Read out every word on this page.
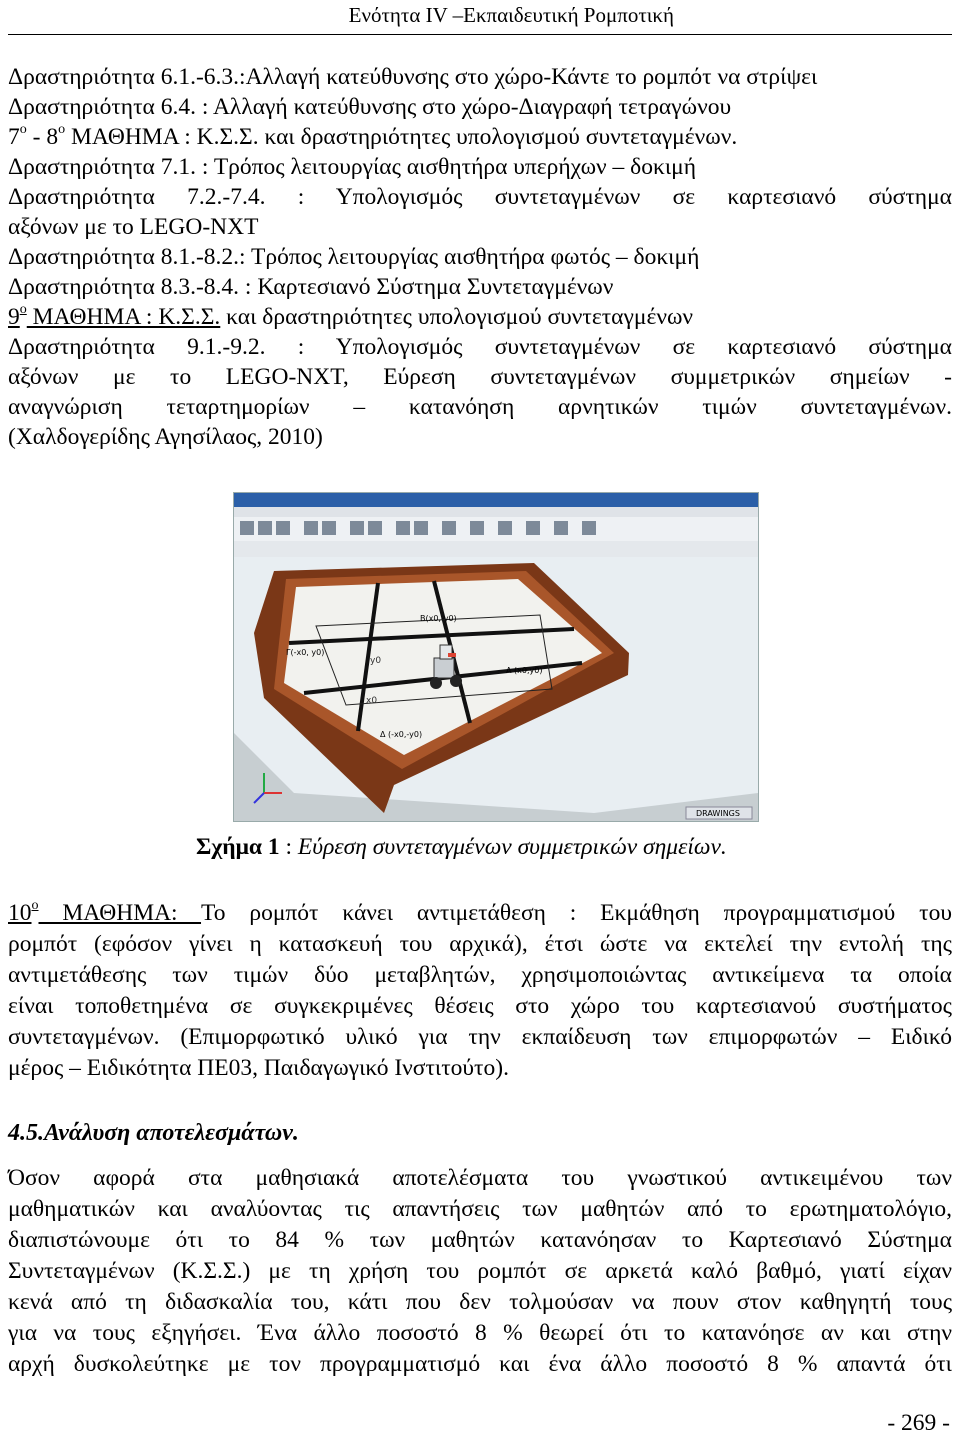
Ενότητα IV –Εκπαιδευτική Ρομποτική
Δραστηριότητα 6.1.-6.3.:Αλλαγή κατεύθυνσης στο χώρο-Κάντε το ρομπότ να στρίψει
Δραστηριότητα 6.4. : Αλλαγή κατεύθυνσης στο χώρο-Διαγραφή τετραγώνου
$7^o - 8^o$ ΜΑΘΗΜΑ : Κ.Σ.Σ. και δραστηριότητες υπολογισμού συντεταγμένων.
Δραστηριότητα 7.1. : Τρόπος λειτουργίας αισθητήρα υπερήχων – δοκιμή
Δραστηριότητα 7.2.-7.4. : Υπολογισμός συντεταγμένων σε καρτεσιανό σύστημα
αξόνων με το LEGO-NXT
Δραστηριότητα 8.1.-8.2.: Τρόπος λειτουργίας αισθητήρα φωτός – δοκιμή
Δραστηριότητα 8.3.-8.4. : Καρτεσιανό Σύστημα Συντεταγμένων
$9^o$ ΜΑΘΗΜΑ : Κ.Σ.Σ. και δραστηριότητες υπολογισμού συντεταγμένων
Δραστηριότητα 9.1.-9.2. : Υπολογισμός συντεταγμένων σε καρτεσιανό σύστημα
αξόνων με το LEGO-NXT, Εύρεση συντεταγμένων συμμετρικών σημείων -
αναγνώριση τεταρτημορίων – κατανόηση αρνητικών τιμών συντεταγμένων.
(Χαλδογερίδης Αγησίλαος, 2010)
B(x0,-y0)
Γ(-x0, y0)
A (x0,y0)
Δ (-x0,-y0)
y0
x0
DRAWINGS
Σχήμα 1 : Εύρεση συντεταγμένων συμμετρικών σημείων.
$10^o$ ΜΑΘΗΜΑ: Το ρομπότ κάνει αντιμετάθεση : Εκμάθηση προγραμματισμού του
ρομπότ (εφόσον γίνει η κατασκευή του αρχικά), έτσι ώστε να εκτελεί την εντολή της
αντιμετάθεσης των τιμών δύο μεταβλητών, χρησιμοποιώντας αντικείμενα τα οποία
είναι τοποθετημένα σε συγκεκριμένες θέσεις στο χώρο του καρτεσιανού συστήματος
συντεταγμένων. (Επιμορφωτικό υλικό για την εκπαίδευση των επιμορφωτών – Ειδικό
μέρος – Ειδικότητα ΠΕ03, Παιδαγωγικό Ινστιτούτο).
4.5.Ανάλυση αποτελεσμάτων.
Όσον αφορά στα μαθησιακά αποτελέσματα του γνωστικού αντικειμένου των
μαθηματικών και αναλύοντας τις απαντήσεις των μαθητών από το ερωτηματολόγιο,
διαπιστώνουμε ότι το 84 % των μαθητών κατανόησαν το Καρτεσιανό Σύστημα
Συντεταγμένων (Κ.Σ.Σ.) με τη χρήση του ρομπότ σε αρκετά καλό βαθμό, γιατί είχαν
κενά από τη διδασκαλία του, κάτι που δεν τολμούσαν να πουν στον καθηγητή τους
για να τους εξηγήσει. Ένα άλλο ποσοστό 8 % θεωρεί ότι το κατανόησε αν και στην
αρχή δυσκολεύτηκε με τον προγραμματισμό και ένα άλλο ποσοστό 8 % απαντά ότι
- 269 -
